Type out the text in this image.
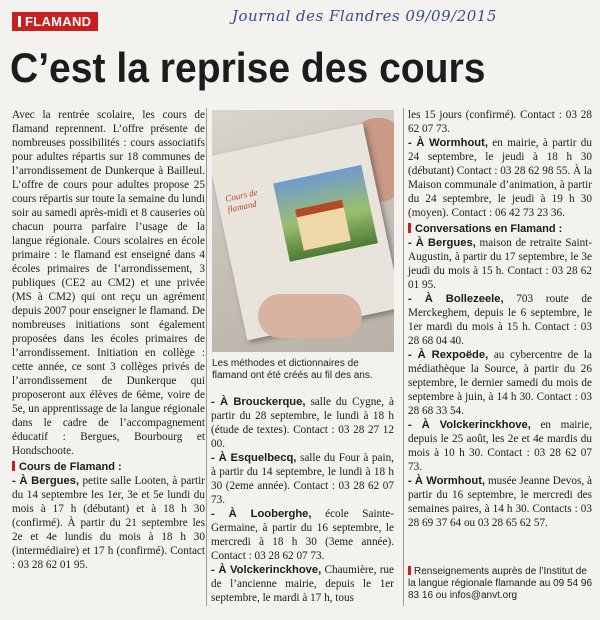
FLAMAND	Journal des Flandres 09/09/2015
C’est la reprise des cours

Avec la rentrée scolaire, les cours de flamand reprennent. L’offre présente de nombreuses possibilités : cours associatifs pour adultes répartis sur 18 communes de l’arrondissement de Dunkerque à Bailleul. L’offre de cours pour adultes propose 25 cours répartis sur toute la semaine du lundi soir au samedi après-midi et 8 causeries où chacun pourra parfaire l’usage de la langue régionale. Cours scolaires en école primaire : le flamand est enseigné dans 4 écoles primaires de l’arrondissement, 3 publiques (CE2 au CM2) et une privée (MS à CM2) qui ont reçu un agrément depuis 2007 pour enseigner le flamand. De nombreuses initiations sont également proposées dans les écoles primaires de l’arrondissement. Initiation en collège : cette année, ce sont 3 collèges privés de l’arrondissement de Dunkerque qui proposeront aux élèves de 6ème, voire de 5e, un apprentissage de la langue régionale dans le cadre de l’accompagnement éducatif : Bergues, Bourbourg et Hondschoote.

Cours de Flamand :

- À Bergues, petite salle Looten, à partir du 14 septembre les 1er, 3e et 5e lundi du mois à 17 h (débutant) et à 18 h 30 (confirmé). À partir du 21 septembre les 2e et 4e lundis du mois à 18 h 30 (intermédiaire) et 17 h (confirmé). Contact : 03 28 62 01 95.

Cours de flamand
Les méthodes et dictionnaires de flamand ont été créés au fil des ans.

- À Brouckerque, salle du Cygne, à partir du 28 septembre, le lundi à 18 h (étude de textes). Contact : 03 28 27 12 00.

- À Esquelbecq, salle du Four à pain, à partir du 14 septembre, le lundi à 18 h 30 (2eme année). Contact : 03 28 62 07 73.

- À Looberghe, école Sainte-Germaine, à partir du 16 septembre, le mercredi à 18 h 30 (3eme année). Contact : 03 28 62 07 73.

- À Volckerinckhove, Chaumière, rue de l’ancienne mairie, depuis le 1er septembre, le mardi à 17 h, tous

les 15 jours (confirmé). Contact : 03 28 62 07 73.

- À Wormhout, en mairie, à partir du 24 septembre, le jeudi à 18 h 30 (débutant) Contact : 03 28 62 98 55. À la Maison communale d’animation, à partir du 24 septembre, le jeudi à 19 h 30 (moyen). Contact : 06 42 73 23 36.

Conversations en Flamand :

- À Bergues, maison de retraite Saint-Augustin, à partir du 17 septembre, le 3e jeudi du mois à 15 h. Contact : 03 28 62 01 95.

- À Bollezeele, 703 route de Merckeghem, depuis le 6 septembre, le 1er mardi du mois à 15 h. Contact : 03 28 68 04 40.

- À Rexpoëde, au cybercentre de la médiathèque la Source, à partir du 26 septembre, le dernier samedi du mois de septembre à juin, à 14 h 30. Contact : 03 28 68 33 54.

- À Volckerinckhove, en mairie, depuis le 25 août, les 2e et 4e mardis du mois à 10 h 30. Contact : 03 28 62 07 73.

- À Wormhout, musée Jeanne Devos, à partir du 16 septembre, le mercredi des semaines paires, à 14 h 30. Contacts : 03 28 69 37 64 ou 03 28 65 62 57.

Renseignements auprès de l’Institut de la langue régionale flamande au 09 54 96 83 16 ou infos@anvt.org
